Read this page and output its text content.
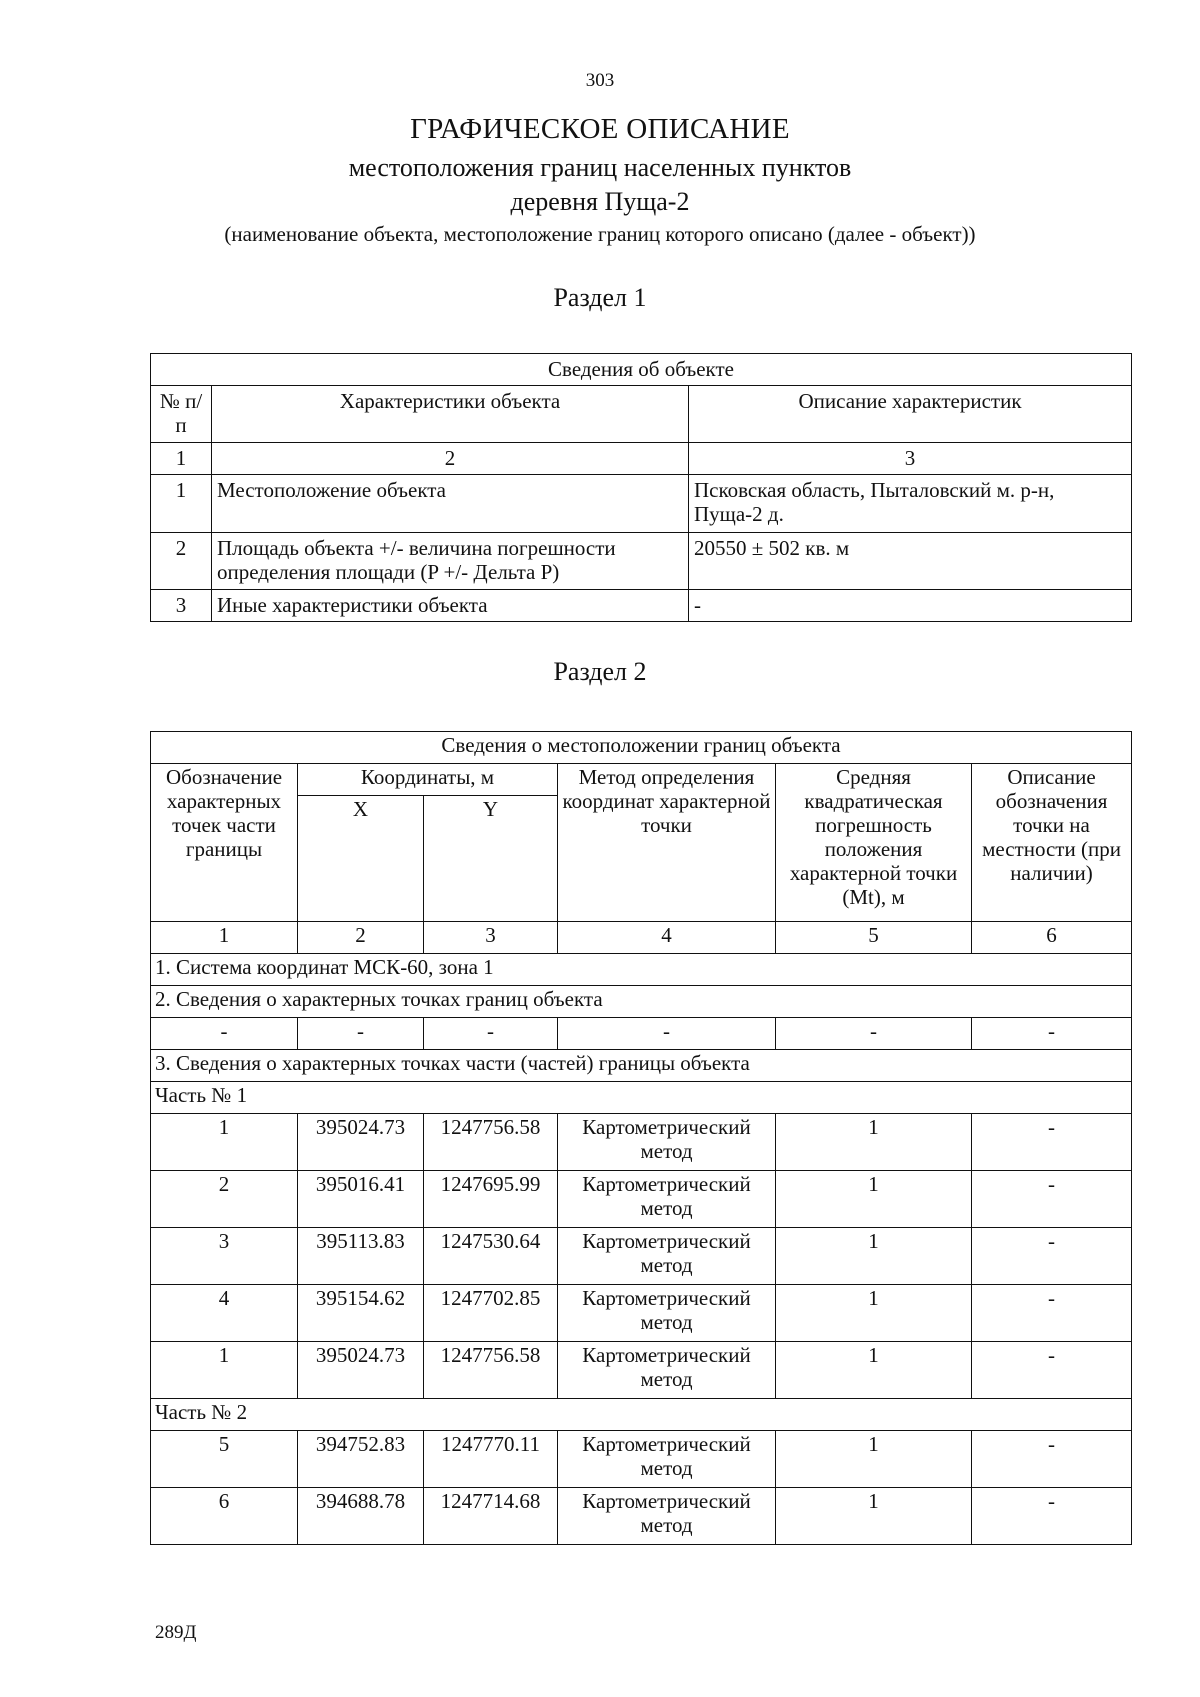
303
ГРАФИЧЕСКОЕ ОПИСАНИЕ
местоположения границ населенных пунктов
деревня Пуща-2
(наименование объекта, местоположение границ которого описано (далее - объект))
Раздел 1
Сведения об объекте		
№ п/п	Характеристики объекта	Описание характеристик
1	2	3
1	Местоположение объекта	Псковская область, Пыталовский м. р-н, Пуща-2 д.
2	Площадь объекта +/- величина погрешности определения площади (P +/- Дельта P)	20550 ± 502 кв. м
3	Иные характеристики объекта	-
Раздел 2
Сведения о местоположении границ объекта					
Обозначение характерных точек части границы	Координаты, м		Метод определения координат характерной точки	Средняя квадратическая погрешность положения характерной точки (Mt), м	Описание обозначения точки на местности (при наличии)
	X	Y			
1	2	3	4	5	6
1. Система координат МСК-60, зона 1					
2. Сведения о характерных точках границ объекта					
-	-	-	-	-	-
3. Сведения о характерных точках части (частей) границы объекта					
Часть № 1					
1	395024.73	1247756.58	Картометрический метод	1	-
2	395016.41	1247695.99	Картометрический метод	1	-
3	395113.83	1247530.64	Картометрический метод	1	-
4	395154.62	1247702.85	Картометрический метод	1	-
1	395024.73	1247756.58	Картометрический метод	1	-
Часть № 2					
5	394752.83	1247770.11	Картометрический метод	1	-
6	394688.78	1247714.68	Картометрический метод	1	-
289Д
